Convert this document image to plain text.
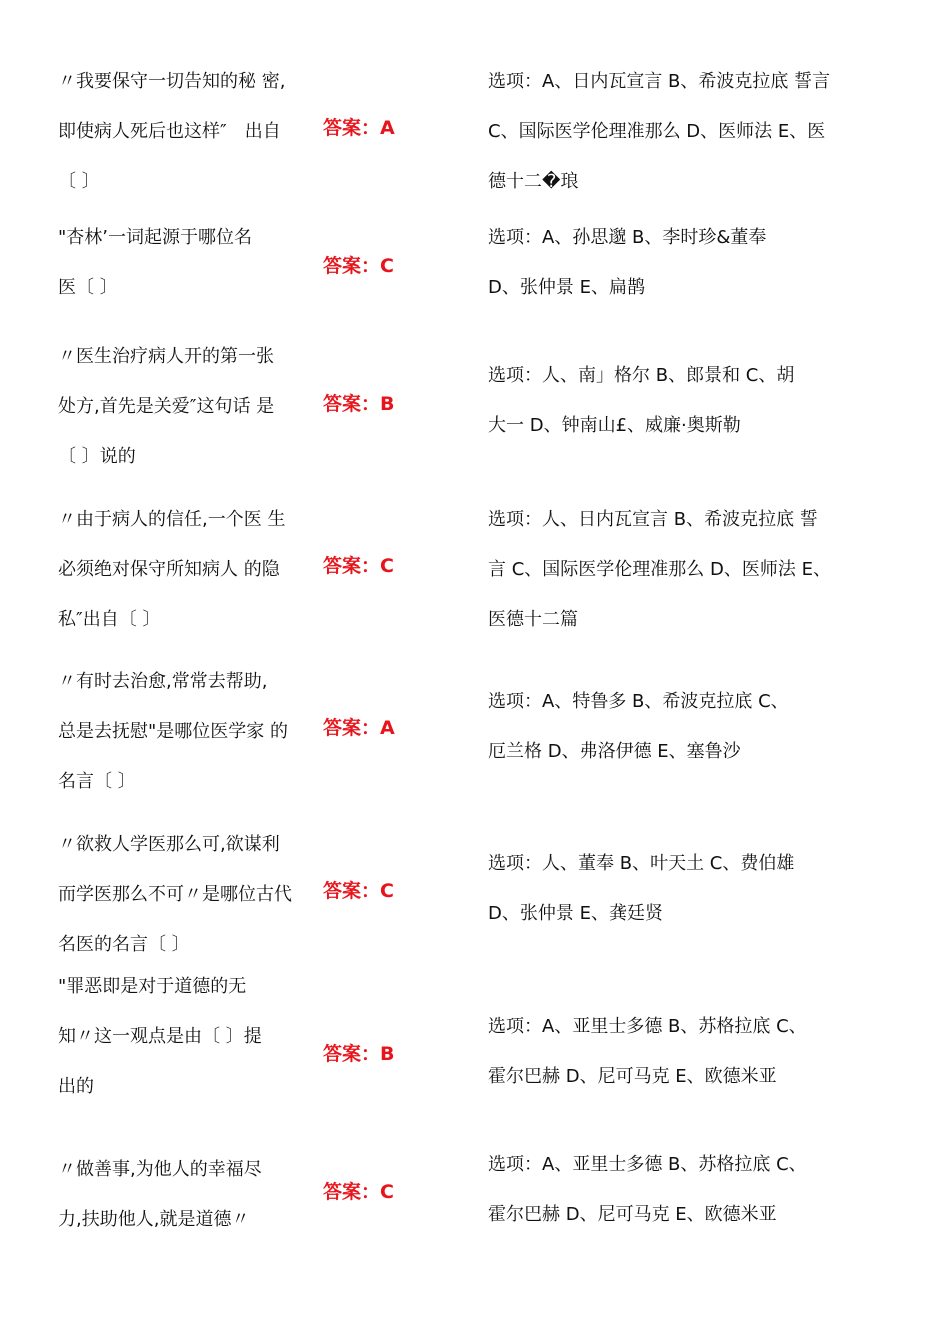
〃我要保守一切告知的秘 密,
即使病人死后也这样″　出自
〔 〕
答案：A
选项：A、日内瓦宣言 B、希波克拉底 誓言
C、国际医学伦理准那么 D、医师法 E、医
德十二�琅
"杏林’一词起源于哪位名
医〔 〕
答案：C
选项：A、孙思邈 B、李时珍&董奉
D、张仲景 E、扁鹊
〃医生治疗病人开的第一张
处方,首先是关爱″这句话 是
〔 〕说的
答案：B
选项：人、南」格尔 B、郎景和 C、胡
大一 D、钟南山£、威廉·奥斯勒
〃由于病人的信任,一个医 生
必须绝对保守所知病人 的隐
私″出自〔 〕
答案：C
选项：人、日内瓦宣言 B、希波克拉底 誓
言 C、国际医学伦理准那么 D、医师法 E、
医德十二篇
〃有时去治愈,常常去帮助,
总是去抚慰"是哪位医学家 的
名言〔 〕
答案：A
选项：A、特鲁多 B、希波克拉底 C、
厄兰格 D、弗洛伊德 E、塞鲁沙
〃欲救人学医那么可,欲谋利
而学医那么不可〃是哪位古代
名医的名言〔 〕
答案：C
选项：人、董奉 B、叶天土 C、费伯雄
D、张仲景 E、龚廷贤
"罪恶即是对于道德的无
知〃这一观点是由〔 〕提
出的
答案：B
选项：A、亚里士多德 B、苏格拉底 C、
霍尔巴赫 D、尼可马克 E、欧德米亚
〃做善事,为他人的幸福尽
力,扶助他人,就是道德〃
答案：C
选项：A、亚里士多德 B、苏格拉底 C、
霍尔巴赫 D、尼可马克 E、欧德米亚
